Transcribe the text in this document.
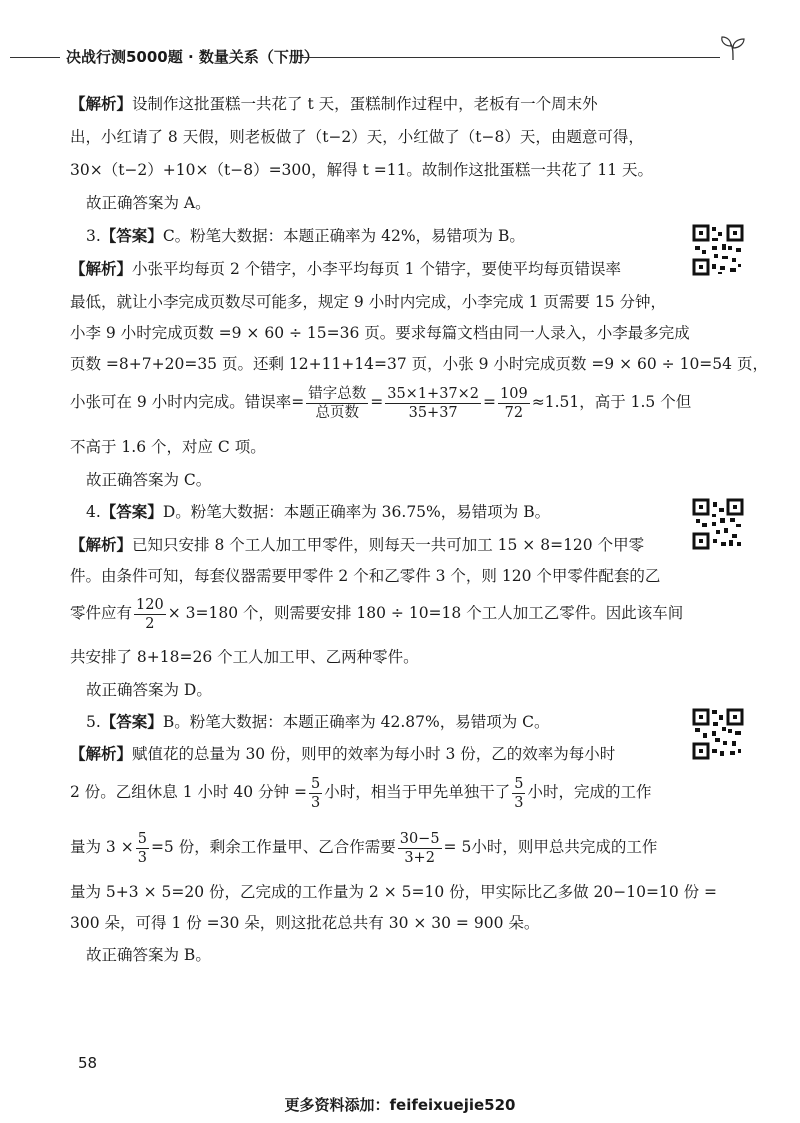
决战行测5000题 · 数量关系（下册）
【解析】设制作这批蛋糕一共花了 t 天，蛋糕制作过程中，老板有一个周末外
出，小红请了 8 天假，则老板做了（t−2）天，小红做了（t−8）天，由题意可得，
30×（t−2）+10×（t−8）=300，解得 t =11。故制作这批蛋糕一共花了 11 天。
故正确答案为 A。
3.【答案】C。粉笔大数据：本题正确率为 42%，易错项为 B。
【解析】小张平均每页 2 个错字，小李平均每页 1 个错字，要使平均每页错误率
最低，就让小李完成页数尽可能多，规定 9 小时内完成，小李完成 1 页需要 15 分钟，
小李 9 小时完成页数 =9 × 60 ÷ 15=36 页。要求每篇文档由同一人录入，小李最多完成
页数 =8+7+20=35 页。还剩 12+11+14=37 页，小张 9 小时完成页数 =9 × 60 ÷ 10=54 页，
小张可在 9 小时内完成。错误率= $\frac{\text{错字总数}}{\text{总页数}} = \frac{35\times 1+37\times 2}{35+37} = \frac{109}{72} \approx 1.51$，高于 1.5 个但
不高于 1.6 个，对应 C 项。
故正确答案为 C。
4.【答案】D。粉笔大数据：本题正确率为 36.75%，易错项为 B。
【解析】已知只安排 8 个工人加工甲零件，则每天一共可加工 15 × 8=120 个甲零
件。由条件可知，每套仪器需要甲零件 2 个和乙零件 3 个，则 120 个甲零件配套的乙
零件应有 $\frac{120}{2} \times 3=180$ 个，则需要安排 180 ÷ 10=18 个工人加工乙零件。因此该车间
共安排了 8+18=26 个工人加工甲、乙两种零件。
故正确答案为 D。
5.【答案】B。粉笔大数据：本题正确率为 42.87%，易错项为 C。
【解析】赋值花的总量为 30 份，则甲的效率为每小时 3 份，乙的效率为每小时
2 份。乙组休息 1 小时 40 分钟 = $\frac{5}{3}$ 小时，相当于甲先单独干了 $\frac{5}{3}$ 小时，完成的工作
量为 $3 \times \frac{5}{3} =5$ 份，剩余工作量甲、乙合作需要 $\frac{30-5}{3+2} = 5$小时，则甲总共完成的工作
量为 5+3 × 5=20 份，乙完成的工作量为 2 × 5=10 份，甲实际比乙多做 20−10=10 份 =
300 朵，可得 1 份 =30 朵，则这批花总共有 30 × 30 = 900 朵。
故正确答案为 B。
58
更多资料添加：feifeixuejie520
